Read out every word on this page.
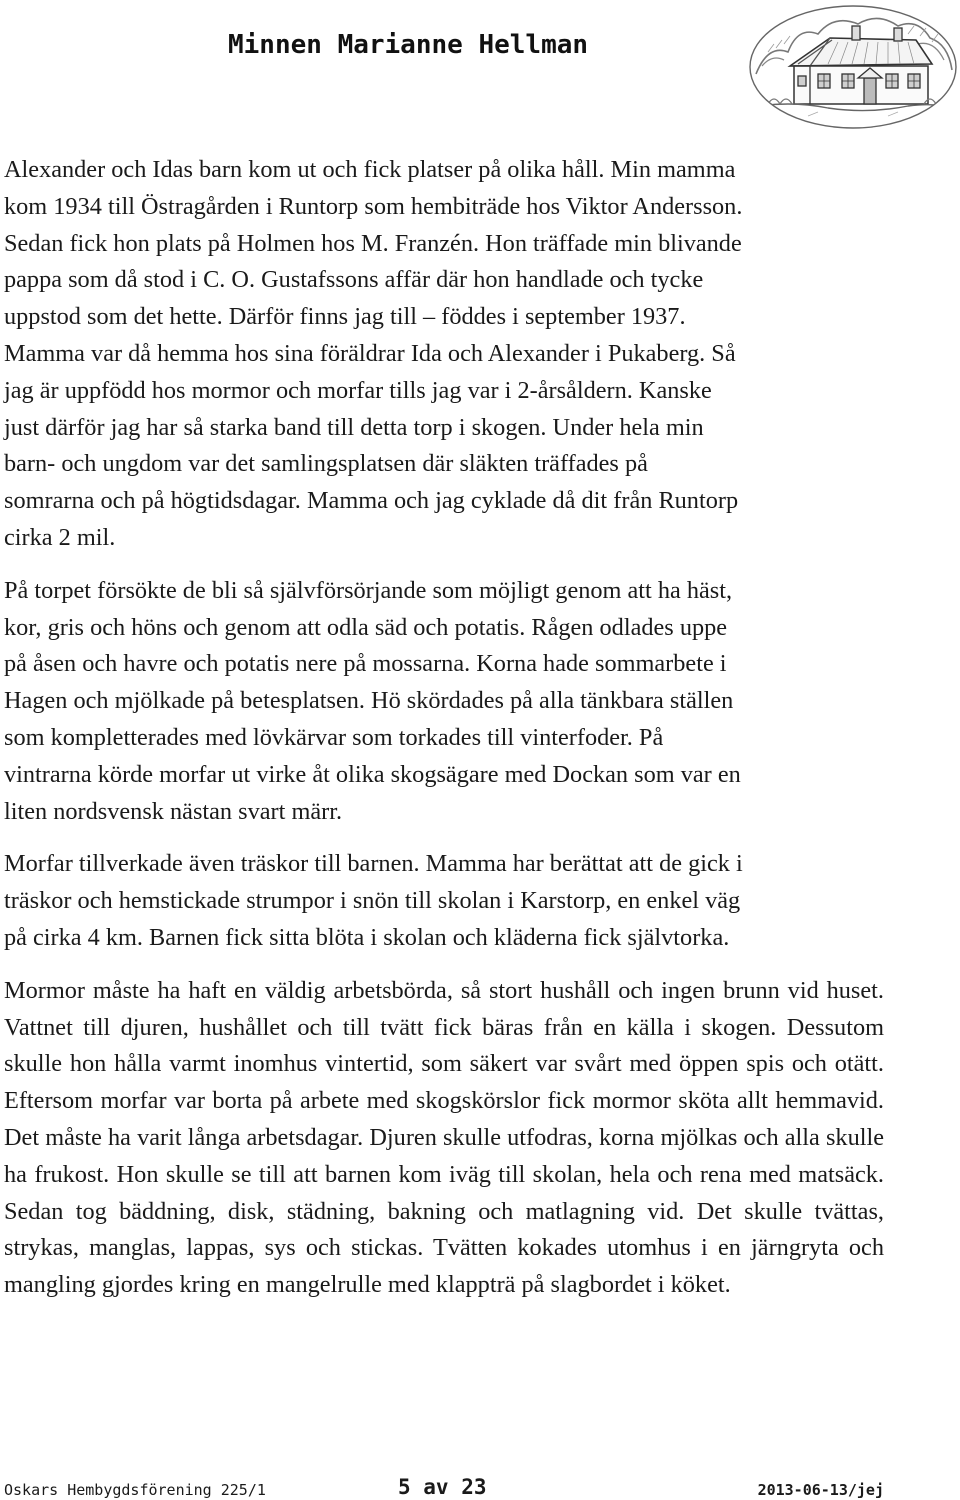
Minnen Marianne Hellman

Alexander och Idas barn kom ut och fick platser på olika håll. Min mamma
kom 1934 till Östragården i Runtorp som hembiträde hos Viktor Andersson.
Sedan fick hon plats på Holmen hos M. Franzén. Hon träffade min blivande
pappa som då stod i C. O. Gustafssons affär där hon handlade och tycke
uppstod som det hette. Därför finns jag till – föddes i september 1937.
Mamma var då hemma hos sina föräldrar Ida och Alexander i Pukaberg. Så
jag är uppfödd hos mormor och morfar tills jag var i 2-årsåldern. Kanske
just därför jag har så starka band till detta torp i skogen. Under hela min
barn- och ungdom var det samlingsplatsen där släkten träffades på
somrarna och på högtidsdagar. Mamma och jag cyklade då dit från Runtorp
cirka 2 mil.

På torpet försökte de bli så självförsörjande som möjligt genom att ha häst,
kor, gris och höns och genom att odla säd och potatis. Rågen odlades uppe
på åsen och havre och potatis nere på mossarna. Korna hade sommarbete i
Hagen och mjölkade på betesplatsen. Hö skördades på alla tänkbara ställen
som kompletterades med lövkärvar som torkades till vinterfoder. På
vintrarna körde morfar ut virke åt olika skogsägare med Dockan som var en
liten nordsvensk nästan svart märr.

Morfar tillverkade även träskor till barnen. Mamma har berättat att de gick i
träskor och hemstickade strumpor i snön till skolan i Karstorp, en enkel väg
på cirka 4 km. Barnen fick sitta blöta i skolan och kläderna fick självtorka.

Mormor måste ha haft en väldig arbetsbörda, så stort hushåll och ingen brunn vid huset. Vattnet till djuren, hushållet och till tvätt fick bäras från en källa i skogen. Dessutom skulle hon hålla varmt inomhus vintertid, som säkert var svårt med öppen spis och otätt. Eftersom morfar var borta på arbete med skogskörslor fick mormor sköta allt hemmavid. Det måste ha varit långa arbetsdagar. Djuren skulle utfodras, korna mjölkas och alla skulle ha frukost. Hon skulle se till att barnen kom iväg till skolan, hela och rena med matsäck. Sedan tog bäddning, disk, städning, bakning och matlagning vid. Det skulle tvättas, strykas, manglas, lappas, sys och stickas. Tvätten kokades utomhus i en järngryta och mangling gjordes kring en mangelrulle med klappträ på slagbordet i köket.

Oskars Hembygdsförening 225/1	5 av 23	2013-06-13/jej
